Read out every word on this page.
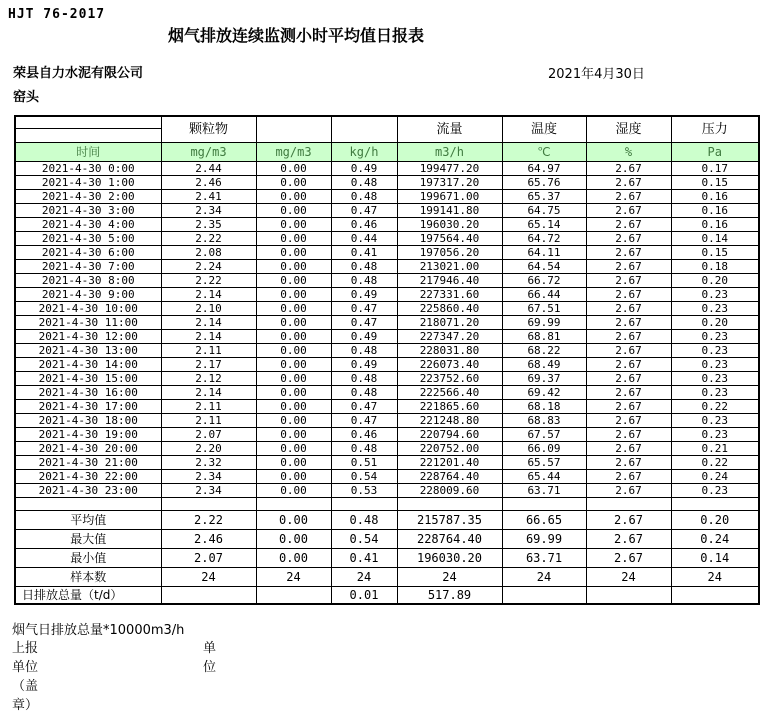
HJT 76-2017
烟气排放连续监测小时平均值日报表
荣县自力水泥有限公司	2021年4月30日
窑头
	颗粒物			流量	温度	湿度	压力
时间	mg/m3	mg/m3	kg/h	m3/h	℃	%	Pa
2021-4-30 0:00	2.44	0.00	0.49	199477.20	64.97	2.67	0.17
2021-4-30 1:00	2.46	0.00	0.48	197317.20	65.76	2.67	0.15
2021-4-30 2:00	2.41	0.00	0.48	199671.00	65.37	2.67	0.16
2021-4-30 3:00	2.34	0.00	0.47	199141.80	64.75	2.67	0.16
2021-4-30 4:00	2.35	0.00	0.46	196030.20	65.14	2.67	0.16
2021-4-30 5:00	2.22	0.00	0.44	197564.40	64.72	2.67	0.14
2021-4-30 6:00	2.08	0.00	0.41	197056.20	64.11	2.67	0.15
2021-4-30 7:00	2.24	0.00	0.48	213021.00	64.54	2.67	0.18
2021-4-30 8:00	2.22	0.00	0.48	217946.40	66.72	2.67	0.20
2021-4-30 9:00	2.14	0.00	0.49	227331.60	66.44	2.67	0.23
2021-4-30 10:00	2.10	0.00	0.47	225860.40	67.51	2.67	0.23
2021-4-30 11:00	2.14	0.00	0.47	218071.20	69.99	2.67	0.20
2021-4-30 12:00	2.14	0.00	0.49	227347.20	68.81	2.67	0.23
2021-4-30 13:00	2.11	0.00	0.48	228031.80	68.22	2.67	0.23
2021-4-30 14:00	2.17	0.00	0.49	226073.40	68.49	2.67	0.23
2021-4-30 15:00	2.12	0.00	0.48	223752.60	69.37	2.67	0.23
2021-4-30 16:00	2.14	0.00	0.48	222566.40	69.42	2.67	0.23
2021-4-30 17:00	2.11	0.00	0.47	221865.60	68.18	2.67	0.22
2021-4-30 18:00	2.11	0.00	0.47	221248.80	68.83	2.67	0.23
2021-4-30 19:00	2.07	0.00	0.46	220794.60	67.57	2.67	0.23
2021-4-30 20:00	2.20	0.00	0.48	220752.00	66.09	2.67	0.21
2021-4-30 21:00	2.32	0.00	0.51	221201.40	65.57	2.67	0.22
2021-4-30 22:00	2.34	0.00	0.54	228764.40	65.44	2.67	0.24
2021-4-30 23:00	2.34	0.00	0.53	228009.60	63.71	2.67	0.23

平均值	2.22	0.00	0.48	215787.35	66.65	2.67	0.20
最大值	2.46	0.00	0.54	228764.40	69.99	2.67	0.24
最小值	2.07	0.00	0.41	196030.20	63.71	2.67	0.14
样本数	24	24	24	24	24	24	24
日排放总量（t/d）			0.01	517.89			
烟气日排放总量*10000m3/h
上报单位（盖章）
单位
